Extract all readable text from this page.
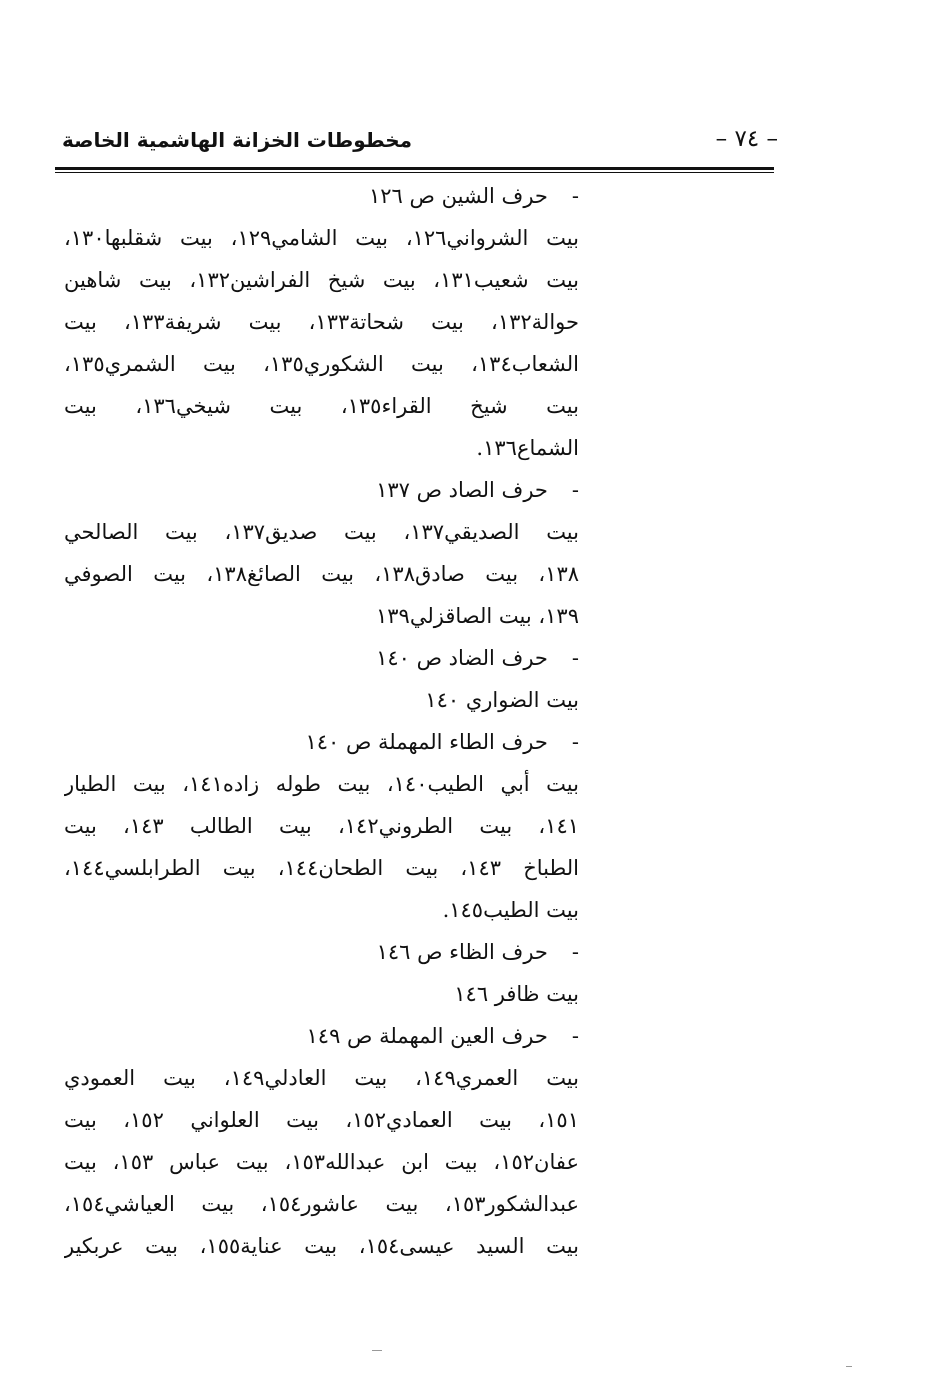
مخطوطات الخزانة الهاشمية الخاصة	– ٧٤ –
-حرف الشين ص ١٢٦
بيت الشرواني١٢٦، بيت الشامي١٢٩، بيت شقلبها١٣٠،
بيت شعيب١٣١، بيت شيخ الفراشين١٣٢، بيت شاهين
حوالة١٣٢، بيت شحاتة١٣٣، بيت شريفة١٣٣، بيت
الشعاب١٣٤، بيت الشكوري١٣٥، بيت الشمري١٣٥،
بيت شيخ القراء١٣٥، بيت شيخي١٣٦، بيت
الشماع١٣٦.
-حرف الصاد ص ١٣٧
بيت الصديقي١٣٧، بيت صديق١٣٧، بيت الصالحي
١٣٨، بيت صادق١٣٨، بيت الصائغ١٣٨، بيت الصوفي
١٣٩، بيت الصاقزلي١٣٩
-حرف الضاد ص ١٤٠
بيت الضواري ١٤٠
-حرف الطاء المهملة ص ١٤٠
بيت أبي الطيب١٤٠، بيت طوله زاده١٤١، بيت الطيار
١٤١، بيت الطروني١٤٢، بيت الطالب ١٤٣، بيت
الطباخ ١٤٣، بيت الطحان١٤٤، بيت الطرابلسي١٤٤،
بيت الطيب١٤٥.
-حرف الظاء ص ١٤٦
بيت ظافر ١٤٦
-حرف العين المهملة ص ١٤٩
بيت العمري١٤٩، بيت العادلي١٤٩، بيت العمودي
١٥١، بيت العمادي١٥٢، بيت العلواني ١٥٢، بيت
عفان١٥٢، بيت ابن عبدالله١٥٣، بيت عباس ١٥٣، بيت
عبدالشكور١٥٣، بيت عاشور١٥٤، بيت العياشي١٥٤،
بيت السيد عيسى١٥٤، بيت عناية١٥٥، بيت عربكير
